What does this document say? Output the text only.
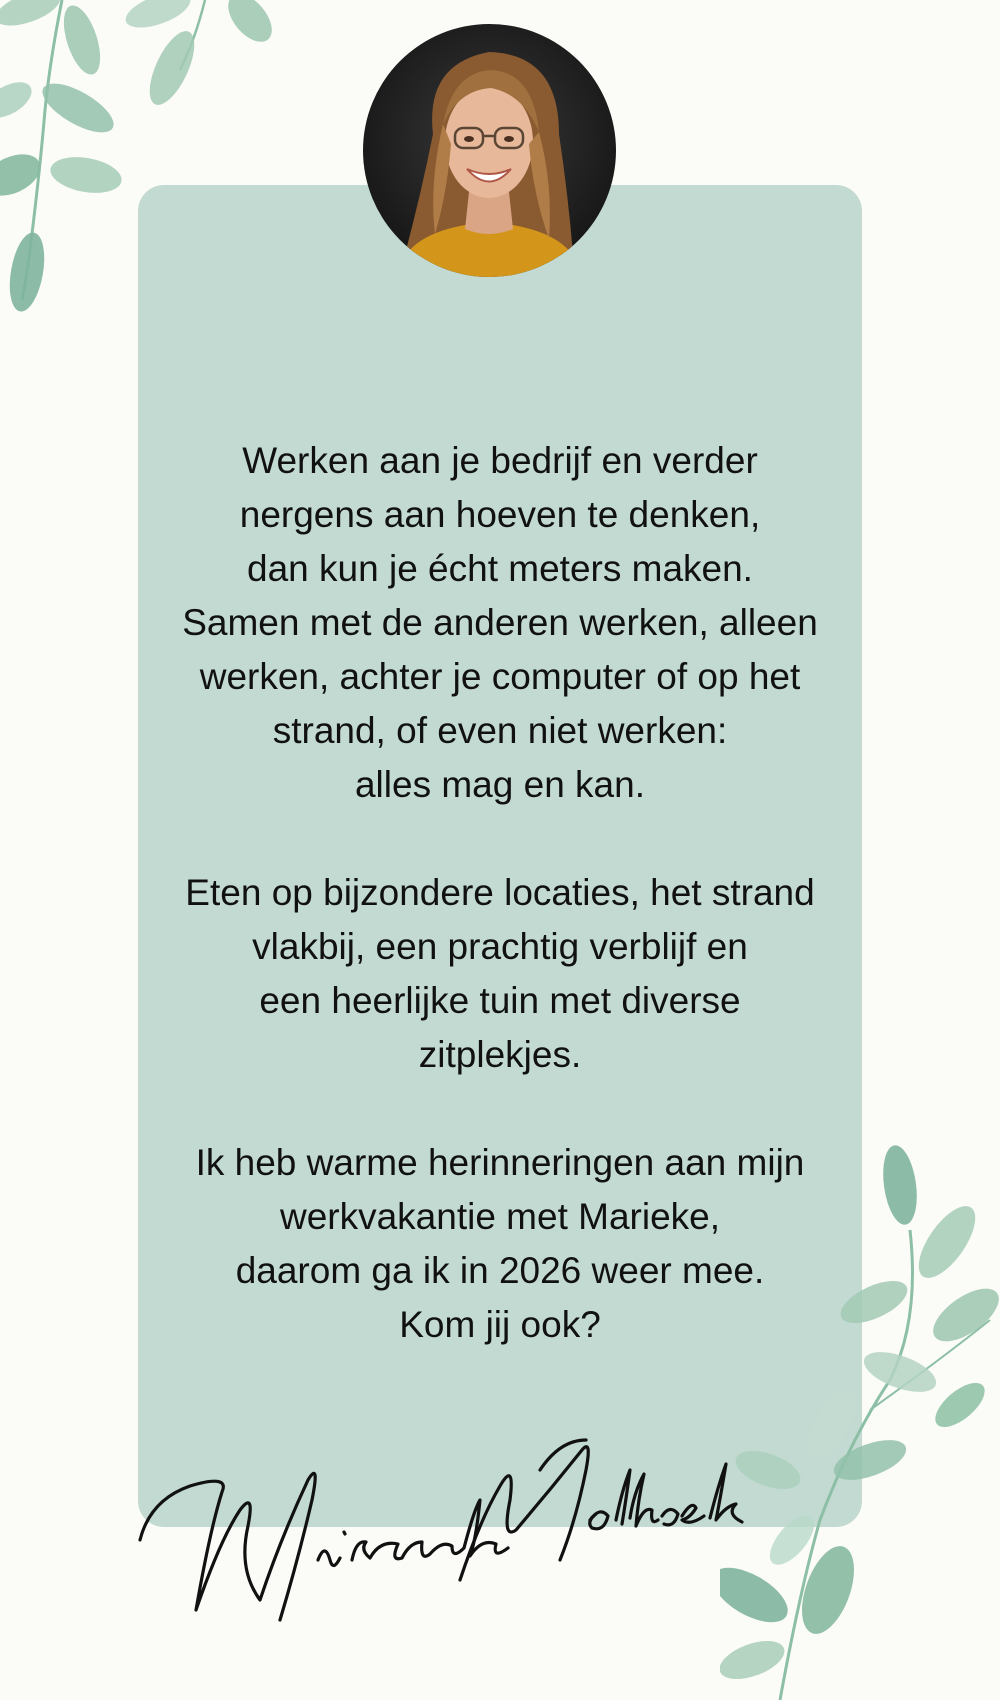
Werken aan je bedrijf en verder
nergens aan hoeven te denken,
dan kun je écht meters maken.
Samen met de anderen werken, alleen
werken, achter je computer of op het
strand, of even niet werken:
alles mag en kan.
Eten op bijzondere locaties, het strand
vlakbij, een prachtig verblijf en
een heerlijke tuin met diverse
zitplekjes.
Ik heb warme herinneringen aan mijn
werkvakantie met Marieke,
daarom ga ik in 2026 weer mee.
Kom jij ook?
